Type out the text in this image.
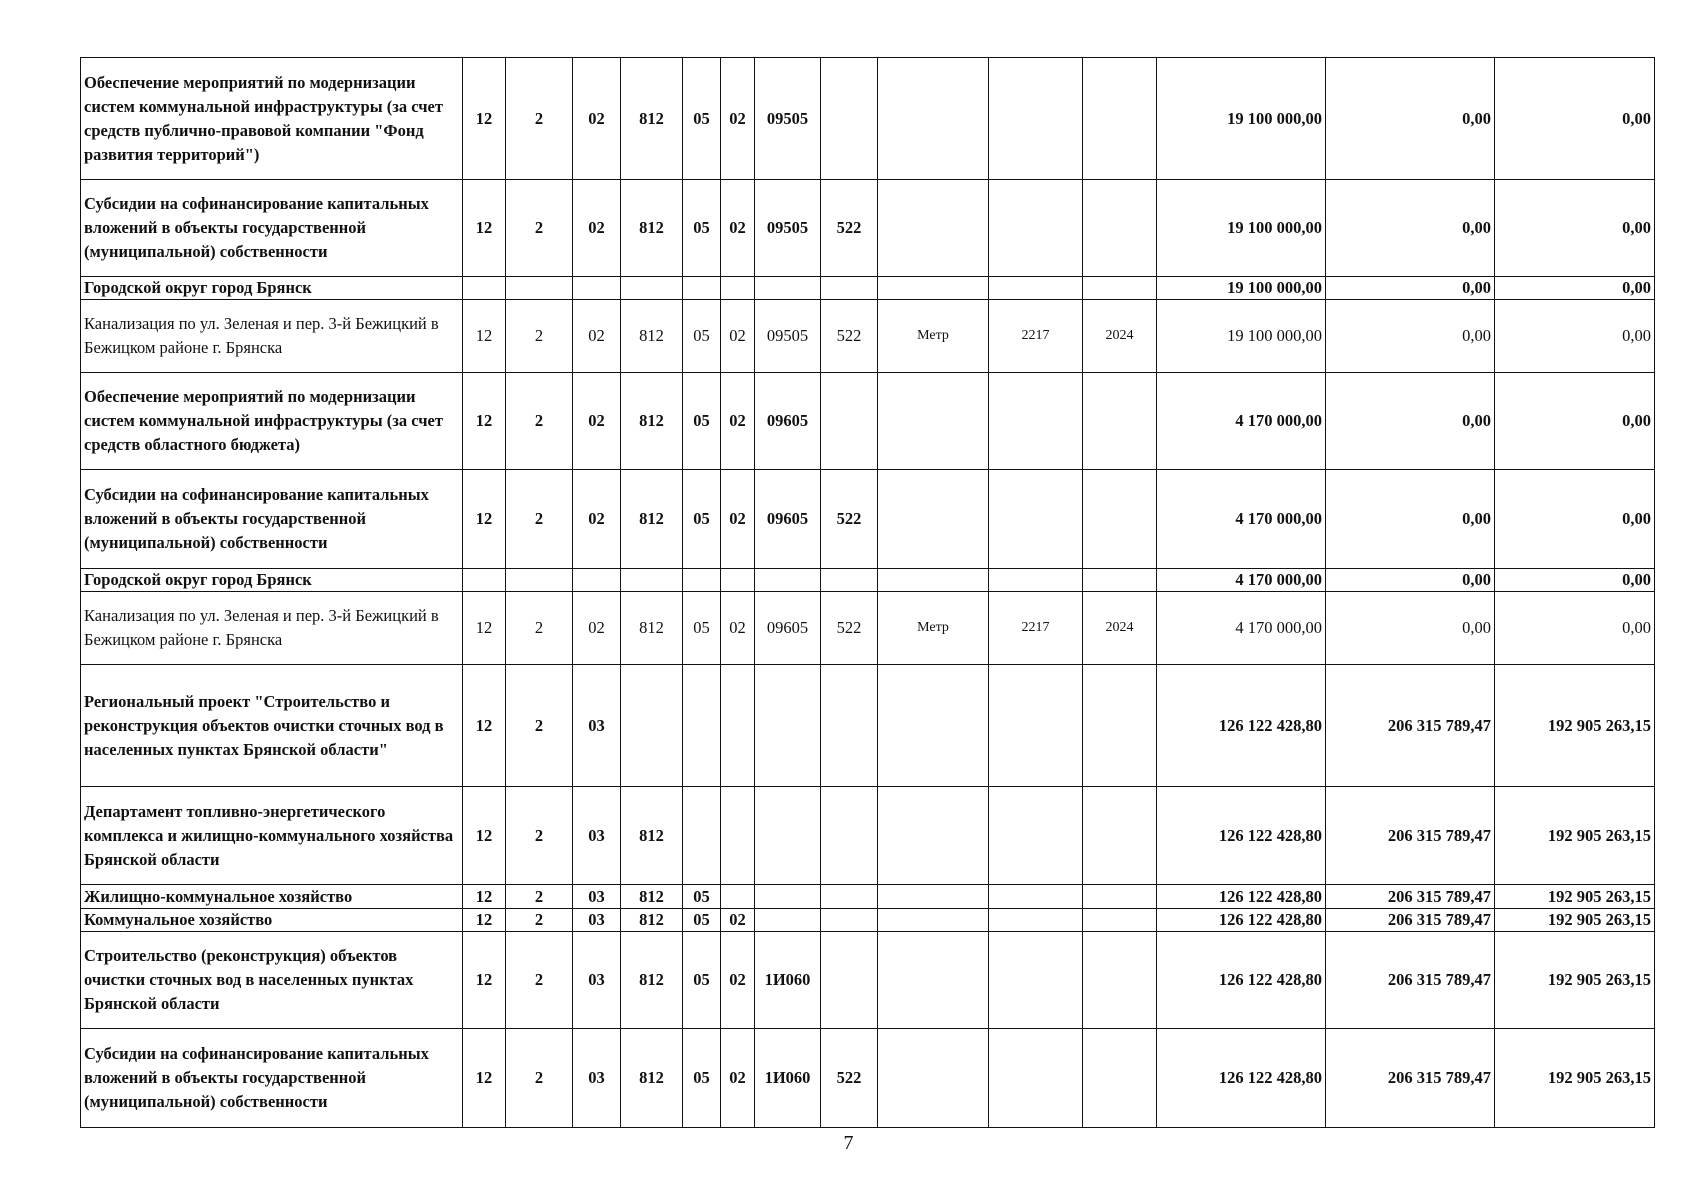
Обеспечение мероприятий по модернизации систем коммунальной инфраструктуры (за счет средств публично-правовой компании "Фонд развития территорий")	12	2	02	812	05	02	09505					19 100 000,00	0,00	0,00
Субсидии на софинансирование капитальных вложений в объекты государственной (муниципальной) собственности	12	2	02	812	05	02	09505	522				19 100 000,00	0,00	0,00
Городской округ город Брянск												19 100 000,00	0,00	0,00
Канализация по ул. Зеленая и пер. 3-й Бежицкий в Бежицком районе г. Брянска	12	2	02	812	05	02	09505	522	Метр	2217	2024	19 100 000,00	0,00	0,00
Обеспечение мероприятий по модернизации систем коммунальной инфраструктуры (за счет средств областного бюджета)	12	2	02	812	05	02	09605					4 170 000,00	0,00	0,00
Субсидии на софинансирование капитальных вложений в объекты государственной (муниципальной) собственности	12	2	02	812	05	02	09605	522				4 170 000,00	0,00	0,00
Городской округ город Брянск												4 170 000,00	0,00	0,00
Канализация по ул. Зеленая и пер. 3-й Бежицкий в Бежицком районе г. Брянска	12	2	02	812	05	02	09605	522	Метр	2217	2024	4 170 000,00	0,00	0,00
Региональный проект "Строительство и реконструкция объектов очистки сточных вод в населенных пунктах Брянской области"	12	2	03									126 122 428,80	206 315 789,47	192 905 263,15
Департамент топливно-энергетического комплекса и жилищно-коммунального хозяйства Брянской области	12	2	03	812								126 122 428,80	206 315 789,47	192 905 263,15
Жилищно-коммунальное хозяйство	12	2	03	812	05							126 122 428,80	206 315 789,47	192 905 263,15
Коммунальное хозяйство	12	2	03	812	05	02						126 122 428,80	206 315 789,47	192 905 263,15
Строительство (реконструкция) объектов очистки сточных вод в населенных пунктах Брянской области	12	2	03	812	05	02	1И060					126 122 428,80	206 315 789,47	192 905 263,15
Субсидии на софинансирование капитальных вложений в объекты государственной (муниципальной) собственности	12	2	03	812	05	02	1И060	522				126 122 428,80	206 315 789,47	192 905 263,15
7
